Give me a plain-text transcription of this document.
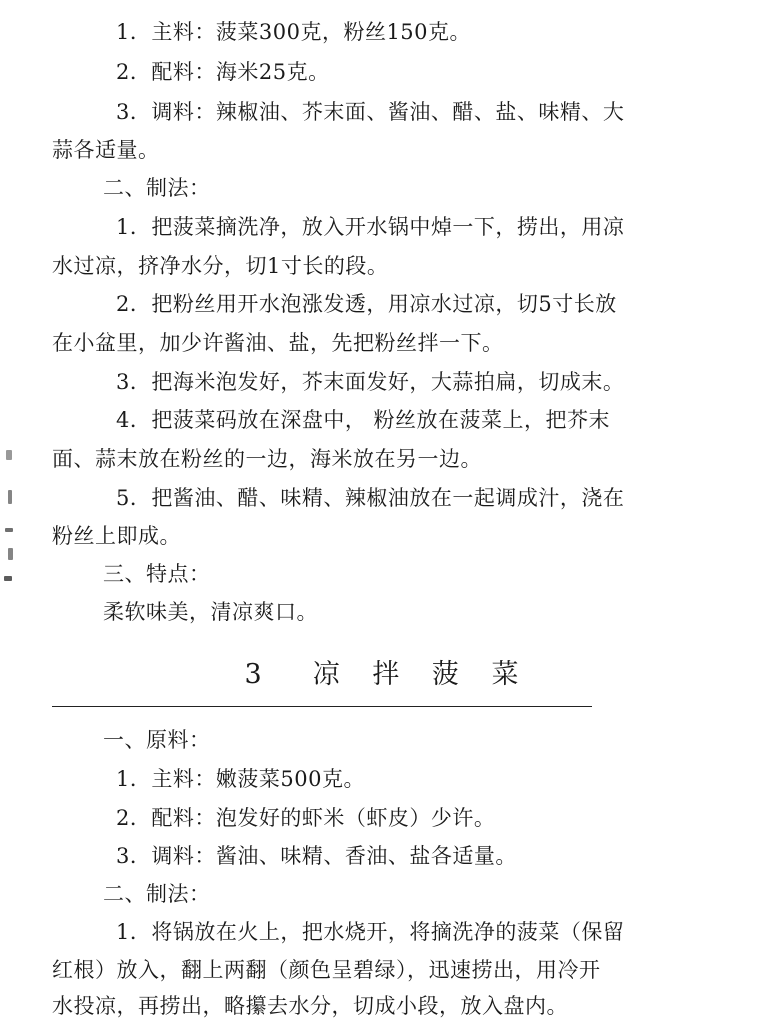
1．主料：菠菜300克，粉丝150克。
2．配料：海米25克。
3．调料：辣椒油、芥末面、酱油、醋、盐、味精、大
蒜各适量。
二、制法：
1．把菠菜摘洗净，放入开水锅中焯一下，捞出，用凉
水过凉，挤净水分，切1寸长的段。
2．把粉丝用开水泡涨发透，用凉水过凉，切5寸长放
在小盆里，加少许酱油、盐，先把粉丝拌一下。
3．把海米泡发好，芥末面发好，大蒜拍扁，切成末。
4．把菠菜码放在深盘中， 粉丝放在菠菜上，把芥末
面、蒜末放在粉丝的一边，海米放在另一边。
5．把酱油、醋、味精、辣椒油放在一起调成汁，浇在
粉丝上即成。
三、特点：
柔软味美，清凉爽口。
3　凉 拌 菠 菜
一、原料：
1．主料：嫩菠菜500克。
2．配料：泡发好的虾米（虾皮）少许。
3．调料：酱油、味精、香油、盐各适量。
二、制法：
1．将锅放在火上，把水烧开，将摘洗净的菠菜（保留
红根）放入，翻上两翻（颜色呈碧绿），迅速捞出，用冷开
水投凉，再捞出，略攥去水分，切成小段，放入盘内。
